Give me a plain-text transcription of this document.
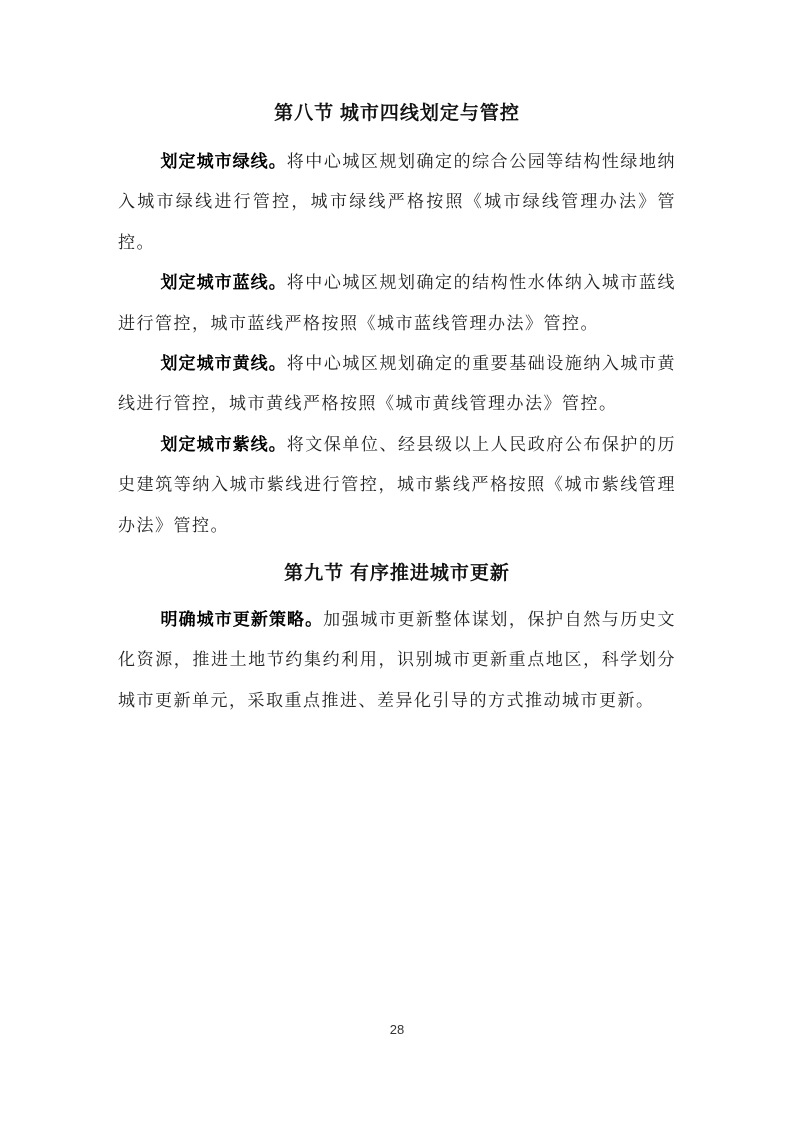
第八节 城市四线划定与管控

划定城市绿线。将中心城区规划确定的综合公园等结构性绿地纳入城市绿线进行管控，城市绿线严格按照《城市绿线管理办法》管控。

划定城市蓝线。将中心城区规划确定的结构性水体纳入城市蓝线进行管控，城市蓝线严格按照《城市蓝线管理办法》管控。

划定城市黄线。将中心城区规划确定的重要基础设施纳入城市黄线进行管控，城市黄线严格按照《城市黄线管理办法》管控。

划定城市紫线。将文保单位、经县级以上人民政府公布保护的历史建筑等纳入城市紫线进行管控，城市紫线严格按照《城市紫线管理办法》管控。

第九节 有序推进城市更新

明确城市更新策略。加强城市更新整体谋划，保护自然与历史文化资源，推进土地节约集约利用，识别城市更新重点地区，科学划分城市更新单元，采取重点推进、差异化引导的方式推动城市更新。

28
